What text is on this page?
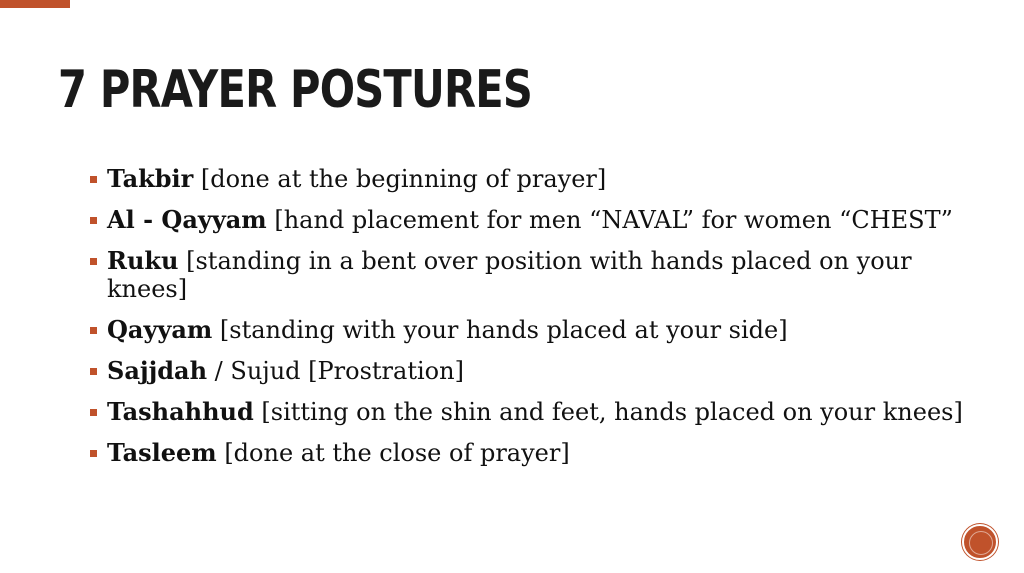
7 PRAYER POSTURES
Takbir [done at the beginning of prayer]
Al - Qayyam [hand placement for men “NAVAL” for women “CHEST”
Ruku [standing in a bent over position with hands placed on your knees]
Qayyam [standing with your hands placed at your side]
Sajjdah / Sujud [Prostration]
Tashahhud [sitting on the shin and feet, hands placed on your knees]
Tasleem [done at the close of prayer]
